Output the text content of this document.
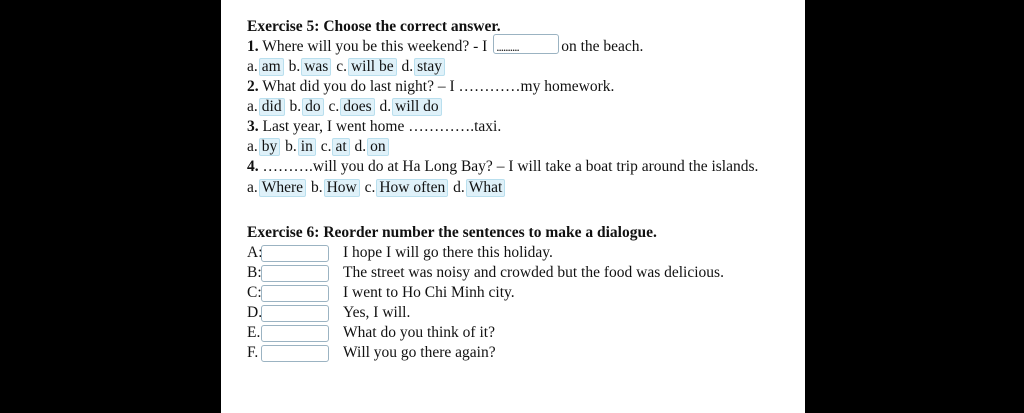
Exercise 5: Choose the correct answer.
1. Where will you be this weekend? - I ..........	on the beach.
a. am b. was c. will be d. stay
2. What did you do last night? – I …………my homework.
a. did b. do c. does d. will do
3. Last year, I went home ………….taxi.
a. by b. in c. at d. on
4. ……….will you do at Ha Long Bay? – I will take a boat trip around the islands.
a. Where b. How c. How often d. What
Exercise 6: Reorder number the sentences to make a dialogue.
A:	I hope I will go there this holiday.
B:	The street was noisy and crowded but the food was delicious.
C:	I went to Ho Chi Minh city.
D.	Yes, I will.
E.	What do you think of it?
F.	Will you go there again?
